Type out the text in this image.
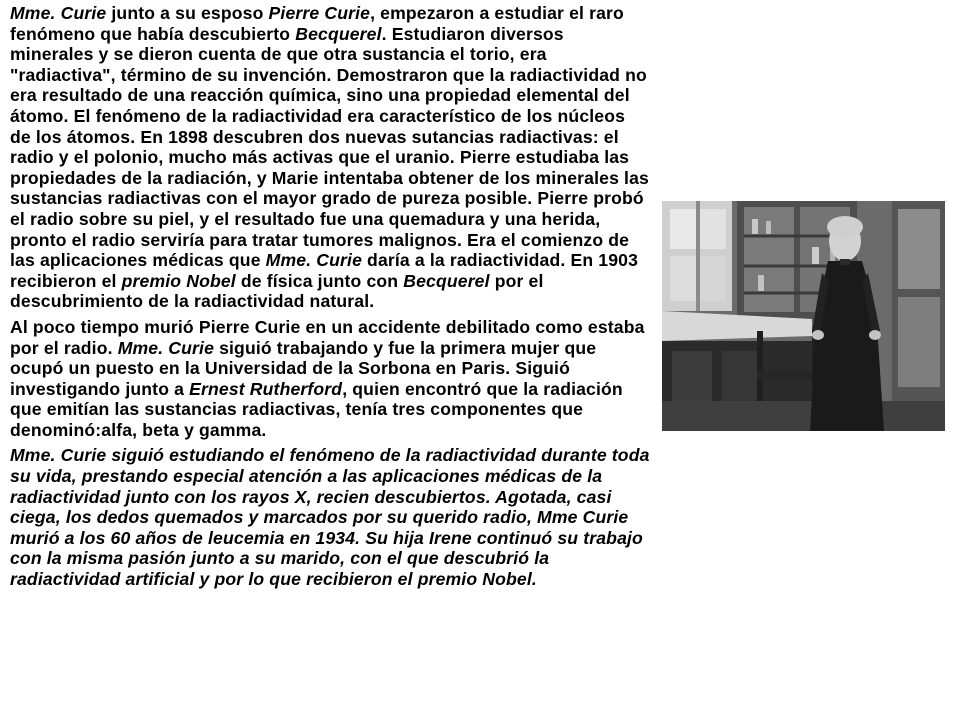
Mme. Curie junto a su esposo Pierre Curie, empezaron a estudiar el raro fenómeno que había descubierto Becquerel. Estudiaron diversos minerales y se dieron cuenta de que otra sustancia el torio, era "radiactiva", término de su invención. Demostraron que la radiactividad no era resultado de una reacción química, sino una propiedad elemental del átomo. El fenómeno de la radiactividad era característico de los núcleos de los átomos. En 1898 descubren dos nuevas sutancias radiactivas: el radio y el polonio, mucho más activas que el uranio. Pierre estudiaba las propiedades de la radiación, y Marie intentaba obtener de los minerales las sustancias radiactivas con el mayor grado de pureza posible. Pierre probó el radio sobre su piel, y el resultado fue una quemadura y una herida, pronto el radio serviría para tratar tumores malignos. Era el comienzo de las aplicaciones médicas que Mme. Curie daría a la radiactividad. En 1903 recibieron el premio Nobel de física junto con Becquerel por el descubrimiento de la radiactividad natural.

Al poco tiempo murió Pierre Curie en un accidente debilitado como estaba por el radio. Mme. Curie siguió trabajando y fue la primera mujer que ocupó un puesto en la Universidad de la Sorbona en Paris. Siguió investigando junto a Ernest Rutherford, quien encontró que la radiación que emitían las sustancias radiactivas, tenía tres componentes que denominó:alfa, beta y gamma.

Mme. Curie siguió estudiando el fenómeno de la radiactividad durante toda su vida, prestando especial atención a las aplicaciones médicas de la radiactividad junto con los rayos X, recien descubiertos. Agotada, casi ciega, los dedos quemados y marcados por su querido radio, Mme Curie murió a los 60 años de leucemia en 1934. Su hija Irene continuó su trabajo con la misma pasión junto a su marido, con el que descubrió la radiactividad artificial y por lo que recibieron el premio Nobel.
